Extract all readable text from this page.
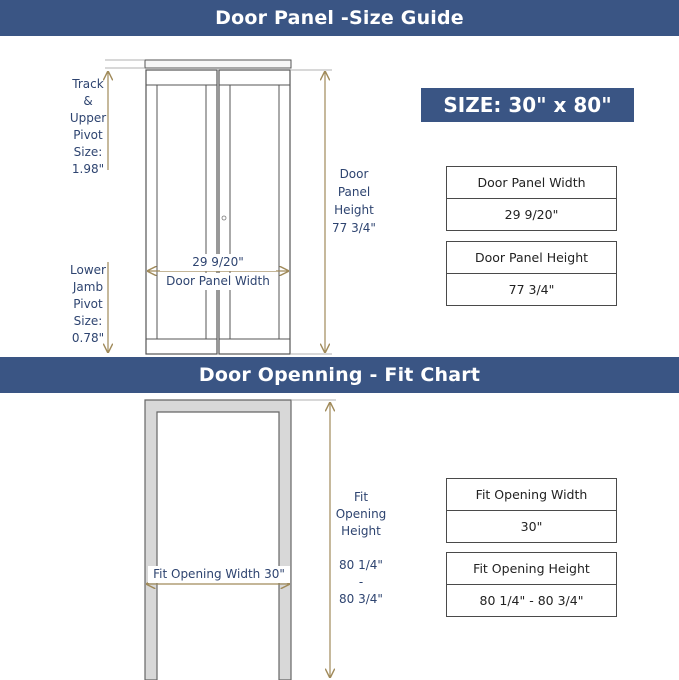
Door Panel -Size Guide
Door Openning - Fit Chart
Track
&
Upper
Pivot
Size:
1.98"
Lower
Jamb
Pivot
Size:
0.78"
Door
Panel
Height
77 3/4"
29 9/20"
Door Panel Width
SIZE: 30" x 80"
Door Panel Width
29 9/20"
Door Panel Height
77 3/4"
Fit
Opening
Height

80 1/4"
-
80 3/4"
Fit Opening Width 30"
Fit Opening Width
30"
Fit Opening Height
80 1/4" - 80 3/4"
